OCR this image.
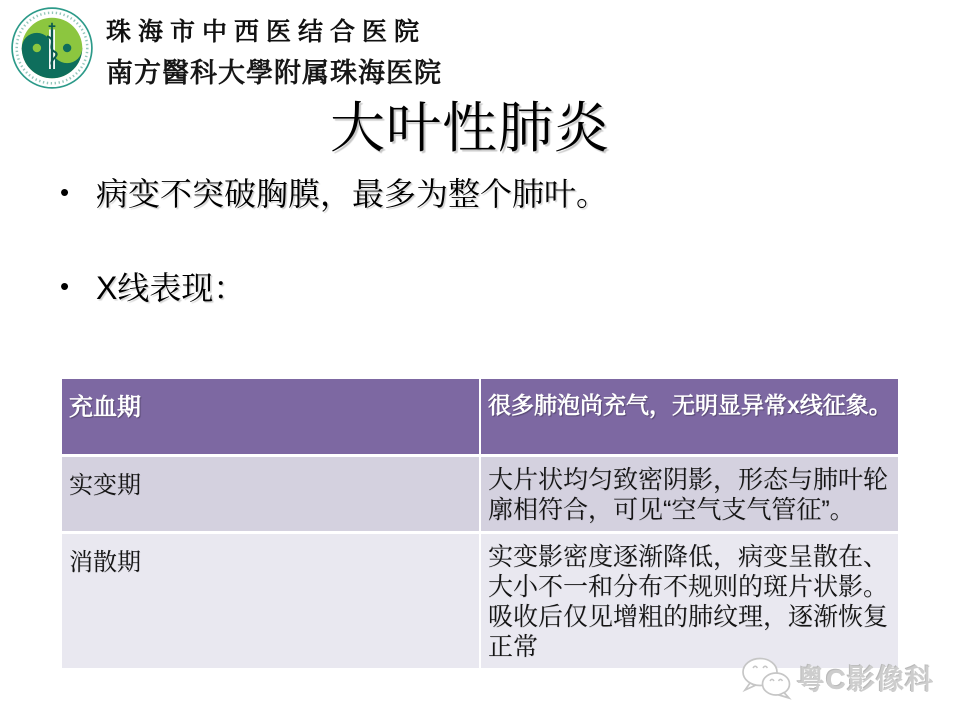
珠海市中西医结合医院
南方醫科大學附属珠海医院
大叶性肺炎
• 病变不突破胸膜，最多为整个肺叶。
• X线表现：
充血期	很多肺泡尚充气，无明显异常x线征象。
实变期	大片状均匀致密阴影，形态与肺叶轮廓相符合，可见“空气支气管征”。
消散期	实变影密度逐渐降低，病变呈散在、大小不一和分布不规则的斑片状影。吸收后仅见增粗的肺纹理，逐渐恢复正常
粤C影像科
